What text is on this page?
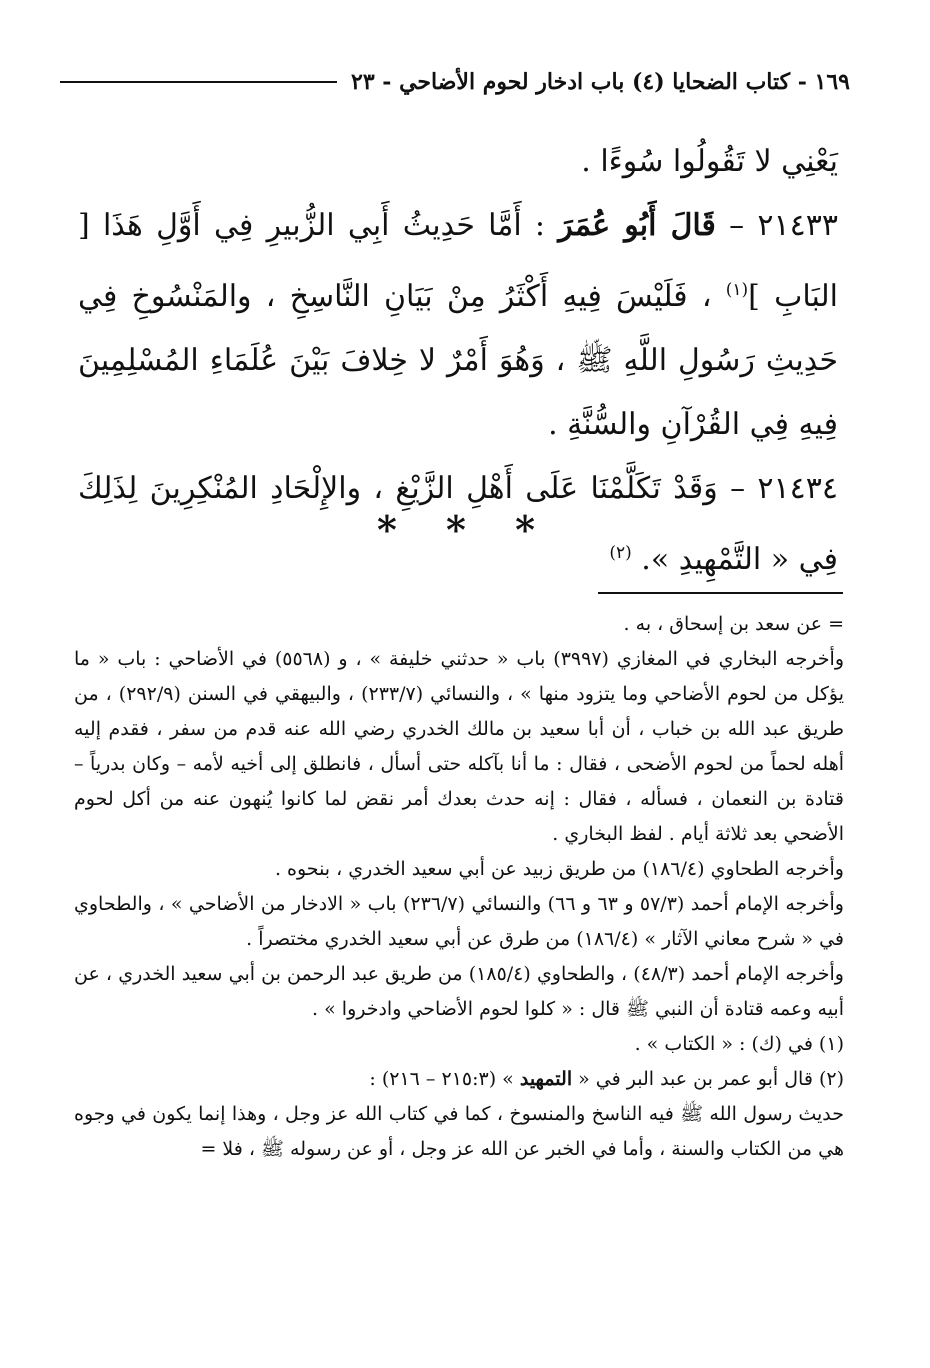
١٦٩ - كتاب الضحايا (٤) باب ادخار لحوم الأضاحي - ٢٣

يَعْنِي لا تَقُولُوا سُوءًا .

٢١٤٣٣ – قَالَ أَبُو عُمَرَ : أَمَّا حَدِيثُ أَبِي الزُّبيرِ فِي أَوَّلِ هَذَا [ البَابِ ]$^{(١)}$ ، فَلَيْسَ فِيهِ أَكْثَرُ مِنْ بَيَانِ النَّاسِخِ ، والمَنْسُوخِ فِي حَدِيثِ رَسُولِ اللَّهِ ﷺ ، وَهُوَ أَمْرٌ لا خِلافَ بَيْنَ عُلَمَاءِ المُسْلِمِينَ فِيهِ فِي القُرْآنِ والسُّنَّةِ .

٢١٤٣٤ – وَقَدْ تَكَلَّمْنَا عَلَى أَهْلِ الزَّيْغِ ، والإِلْحَادِ المُنْكِرِينَ لِذَلِكَ فِي « التَّمْهِيدِ ». $^{(٢)}$

* * *

= عن سعد بن إسحاق ، به .

وأخرجه البخاري في المغازي (٣٩٩٧) باب « حدثني خليفة » ، و (٥٥٦٨) في الأضاحي : باب « ما يؤكل من لحوم الأضاحي وما يتزود منها » ، والنسائي (٢٣٣/٧) ، والبيهقي في السنن (٢٩٢/٩) ، من طريق عبد الله بن خباب ، أن أبا سعيد بن مالك الخدري رضي الله عنه قدم من سفر ، فقدم إليه أهله لحماً من لحوم الأضحى ، فقال : ما أنا بآكله حتى أسأل ، فانطلق إلى أخيه لأمه – وكان بدرياً – قتادة بن النعمان ، فسأله ، فقال : إنه حدث بعدك أمر نقض لما كانوا يُنهون عنه من أكل لحوم الأضحي بعد ثلاثة أيام . لفظ البخاري .

وأخرجه الطحاوي (١٨٦/٤) من طريق زبيد عن أبي سعيد الخدري ، بنحوه .

وأخرجه الإمام أحمد (٥٧/٣ و ٦٣ و ٦٦) والنسائي (٢٣٦/٧) باب « الادخار من الأضاحي » ، والطحاوي في « شرح معاني الآثار » (١٨٦/٤) من طرق عن أبي سعيد الخدري مختصراً .

وأخرجه الإمام أحمد (٤٨/٣) ، والطحاوي (١٨٥/٤) من طريق عبد الرحمن بن أبي سعيد الخدري ، عن أبيه وعمه قتادة أن النبي ﷺ قال : « كلوا لحوم الأضاحي وادخروا » .

(١) في (ك) : « الكتاب » .

(٢) قال أبو عمر بن عبد البر في « التمهيد » (٢١٥:٣ – ٢١٦) :

حديث رسول الله ﷺ فيه الناسخ والمنسوخ ، كما في كتاب الله عز وجل ، وهذا إنما يكون في وجوه هي من الكتاب والسنة ، وأما في الخبر عن الله عز وجل ، أو عن رسوله ﷺ ، فلا =
